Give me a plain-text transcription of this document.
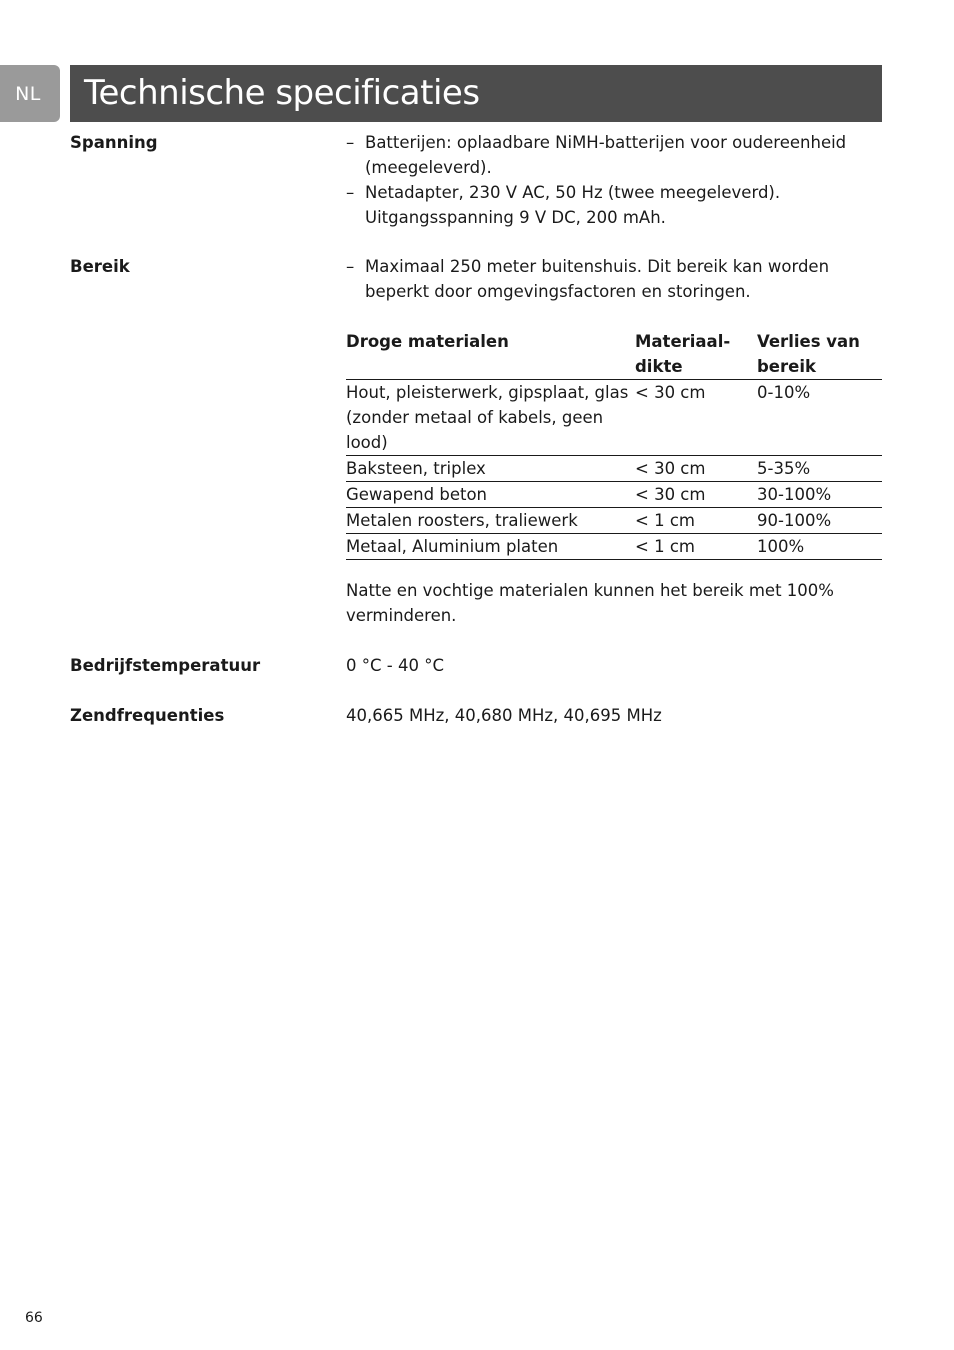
NL	Technische specificaties
Spanning	– Batterijen: oplaadbare NiMH-batterijen voor oudereenheid (meegeleverd).
– Netadapter, 230 V AC, 50 Hz (twee meegeleverd). Uitgangsspanning 9 V DC, 200 mAh.
Bereik	– Maximaal 250 meter buitenshuis. Dit bereik kan worden beperkt door omgevingsfactoren en storingen.
Droge materialen	Materiaal-dikte	Verlies van bereik
Hout, pleisterwerk, gipsplaat, glas (zonder metaal of kabels, geen lood)	< 30 cm	0-10%
Baksteen, triplex	< 30 cm	5-35%
Gewapend beton	< 30 cm	30-100%
Metalen roosters, traliewerk	< 1 cm	90-100%
Metaal, Aluminium platen	< 1 cm	100%
Natte en vochtige materialen kunnen het bereik met 100% verminderen.
Bedrijfstemperatuur	0 °C - 40 °C
Zendfrequenties	40,665 MHz, 40,680 MHz, 40,695 MHz
66
